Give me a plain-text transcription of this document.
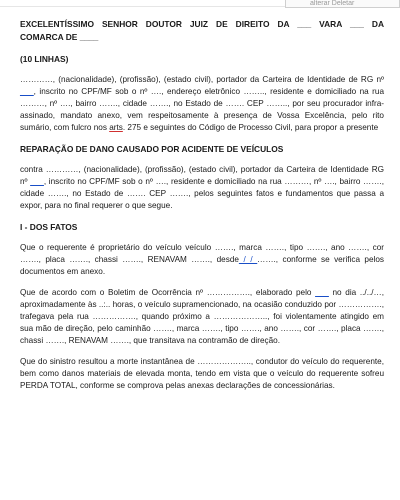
alterar Deletar
EXCELENTÍSSIMO SENHOR DOUTOR JUIZ DE DIREITO DA ___ VARA ___ DA
COMARCA DE ____

(10 LINHAS)

…………, (nacionalidade), (profissão), (estado civil), portador da Carteira de Identidade de RG nº ___, inscrito no CPF/MF sob o nº …., endereço eletrônico …….., residente e domiciliado na rua ………, nº …., bairro ……., cidade ……., no Estado de ……. CEP …….., por seu procurador infra-assinado, mandato anexo, vem respeitosamente à presença de Vossa Excelência, pelo rito sumário, com fulcro nos arts. 275 e seguintes do Código de Processo Civil, para propor a presente

REPARAÇÃO DE DANO CAUSADO POR ACIDENTE DE VEÍCULOS

contra …………, (nacionalidade), (profissão), (estado civil), portador da Carteira de Identidade RG nº ___, inscrito no CPF/MF sob o nº …., residente e domiciliado na rua ………, nº …., bairro ……., cidade ……., no Estado de ……. CEP ……., pelos seguintes fatos e fundamentos que passa a expor, para no final requerer o que segue.

I - DOS FATOS

Que o requerente é proprietário do veículo veículo ……., marca ……., tipo ……., ano ……., cor ……., placa ……., chassi ……., RENAVAM ……., desde_/_/_……., conforme se verifica pelos documentos em anexo.

Que de acordo com o Boletim de Ocorrência nº ……………., elaborado pelo ___ no dia ../../…, aproximadamente às ..:.. horas, o veículo supramencionado, na ocasião conduzido por ……………., trafegava pela rua ……………., quando próximo a ……………….., foi violentamente atingido em sua mão de direção, pelo caminhão ……., marca ……., tipo ……., ano ……., cor ……., placa ……., chassi ……., RENAVAM ……., que transitava na contramão de direção.

Que do sinistro resultou a morte instantânea de ……………….., condutor do veículo do requerente, bem como danos materiais de elevada monta, tendo em vista que o veículo do requerente sofreu PERDA TOTAL, conforme se comprova pelas anexas declarações de concessionárias.
